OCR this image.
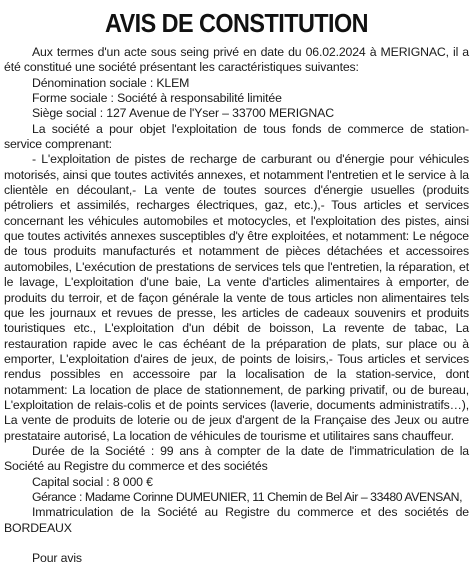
AVIS DE CONSTITUTION

Aux termes d'un acte sous seing privé en date du 06.02.2024 à MERIGNAC, il a été constitué une société présentant les caractéristiques suivantes:

Dénomination sociale : KLEM

Forme sociale : Société à responsabilité limitée

Siège social : 127 Avenue de l'Yser – 33700 MERIGNAC

La société a pour objet l'exploitation de tous fonds de commerce de station-service comprenant:

- L'exploitation de pistes de recharge de carburant ou d'énergie pour véhicules motorisés, ainsi que toutes activités annexes, et notamment l'entretien et le service à la clientèle en découlant,- La vente de toutes sources d'énergie usuelles (produits pétroliers et assimilés, recharges électriques, gaz, etc.),- Tous articles et services concernant les véhicules automobiles et motocycles, et l'exploitation des pistes, ainsi que toutes activités annexes susceptibles d'y être exploitées, et notamment: Le négoce de tous produits manufacturés et notamment de pièces détachées et accessoires automobiles, L'exécution de prestations de services tels que l'entretien, la réparation, et le lavage, L'exploitation d'une baie, La vente d'articles alimentaires à emporter, de produits du terroir, et de façon générale la vente de tous articles non alimentaires tels que les journaux et revues de presse, les articles de cadeaux souvenirs et produits touristiques etc., L'exploitation d'un débit de boisson, La revente de tabac, La restauration rapide avec le cas échéant de la préparation de plats, sur place ou à emporter, L'exploitation d'aires de jeux, de points de loisirs,- Tous articles et services rendus possibles en accessoire par la localisation de la station-service, dont notamment: La location de place de stationnement, de parking privatif, ou de bureau, L'exploitation de relais-colis et de points services (laverie, documents administratifs…), La vente de produits de loterie ou de jeux d'argent de la Française des Jeux ou autre prestataire autorisé, La location de véhicules de tourisme et utilitaires sans chauffeur.

Durée de la Société : 99 ans à compter de la date de l'immatriculation de la Société au Registre du commerce et des sociétés

Capital social : 8 000 €

Gérance : Madame Corinne DUMEUNIER, 11 Chemin de Bel Air – 33480 AVENSAN,

Immatriculation de la Société au Registre du commerce et des sociétés de BORDEAUX

Pour avis
